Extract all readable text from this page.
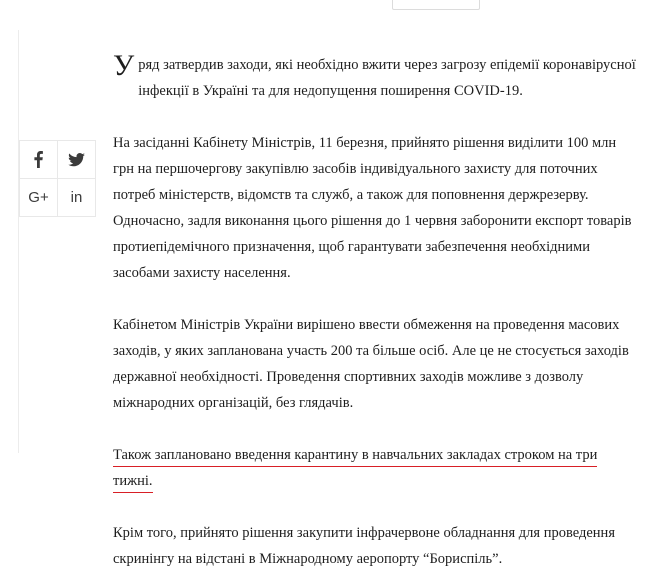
G+ in

Уряд затвердив заходи, які необхідно вжити через загрозу епідемії коронавірусної інфекції в Україні та для недопущення поширення COVID-19.

На засіданні Кабінету Міністрів, 11 березня, прийнято рішення виділити 100 млн грн на першочергову закупівлю засобів індивідуального захисту для поточних потреб міністерств, відомств та служб, а також для поповнення держрезерву. Одночасно, задля виконання цього рішення до 1 червня заборонити експорт товарів протиепідемічного призначення, щоб гарантувати забезпечення необхідними засобами захисту населення.

Кабінетом Міністрів України вирішено ввести обмеження на проведення масових заходів, у яких запланована участь 200 та більше осіб. Але це не стосується заходів державної необхідності. Проведення спортивних заходів можливе з дозволу міжнародних організацій, без глядачів.

Також заплановано введення карантину в навчальних закладах строком на три тижні.

Крім того, прийнято рішення закупити інфрачервоне обладнання для проведення скринінгу на відстані в Міжнародному аеропорту “Бориспіль”.
